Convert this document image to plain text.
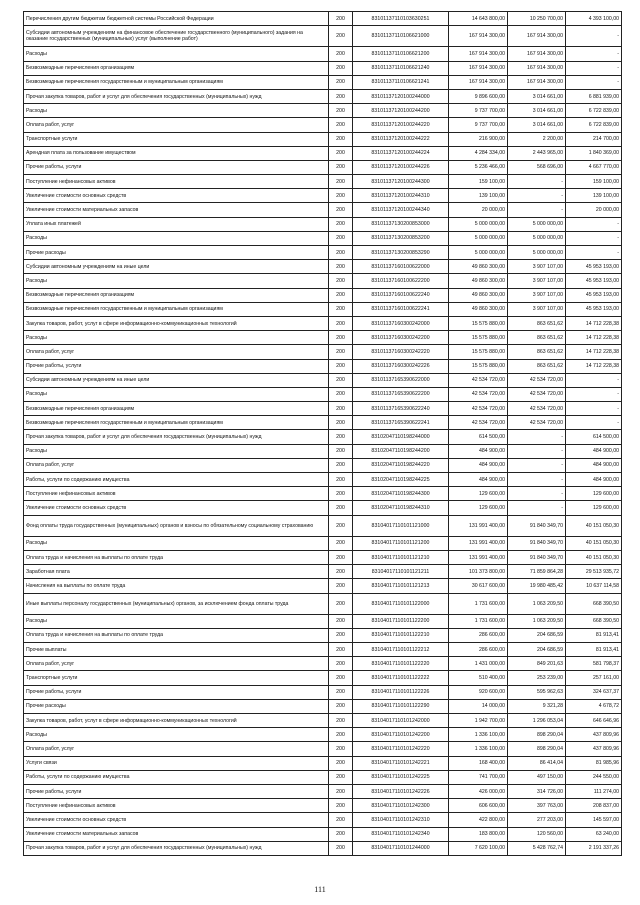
Перечисления другим бюджетам бюджетной системы Российской Федерации	200	83101137110103630251	14 643 800,00	10 250 700,00	4 393 100,00
Субсидии автономным учреждениям на финансовое обеспечение государственного (муниципального) задания на оказание государственных (муниципальных) услуг (выполнение работ)	200	83101137110106621000	167 914 300,00	167 914 300,00	-
Расходы	200	83101137110106621200	167 914 300,00	167 914 300,00	-
Безвозмездные перечисления организациям	200	83101137110106621240	167 914 300,00	167 914 300,00	-
Безвозмездные перечисления государственным и муниципальным организациям	200	83101137110106621241	167 914 300,00	167 914 300,00	-
Прочая закупка товаров, работ и услуг для обеспечения государственных (муниципальных) нужд	200	83101137120100244000	9 896 600,00	3 014 661,00	6 881 939,00
Расходы	200	83101137120100244200	9 737 700,00	3 014 661,00	6 722 839,00
Оплата работ, услуг	200	83101137120100244220	9 737 700,00	3 014 661,00	6 722 839,00
Транспортные услуги	200	83101137120100244222	216 900,00	2 200,00	214 700,00
Арендная плата за пользование имуществом	200	83101137120100244224	4 284 334,00	2 443 965,00	1 840 369,00
Прочие работы, услуги	200	83101137120100244226	5 236 466,00	568 696,00	4 667 770,00
Поступление нефинансовых активов	200	83101137120100244300	159 100,00	-	159 100,00
Увеличение стоимости основных средств	200	83101137120100244310	139 100,00	-	139 100,00
Увеличение стоимости материальных запасов	200	83101137120100244340	20 000,00	-	20 000,00
Уплата иных платежей	200	83101137130200853000	5 000 000,00	5 000 000,00	-
Расходы	200	83101137130200853200	5 000 000,00	5 000 000,00	-
Прочие расходы	200	83101137130200853290	5 000 000,00	5 000 000,00	-
Субсидии автономным учреждениям на иные цели	200	83101137160100622000	49 860 300,00	3 907 107,00	45 953 193,00
Расходы	200	83101137160100622200	49 860 300,00	3 907 107,00	45 953 193,00
Безвозмездные перечисления организациям	200	83101137160100622240	49 860 300,00	3 907 107,00	45 953 193,00
Безвозмездные перечисления государственным и муниципальным организациям	200	83101137160100622241	49 860 300,00	3 907 107,00	45 953 193,00
Закупка товаров, работ, услуг в сфере информационно-коммуникационных технологий	200	83101137160300242000	15 575 880,00	863 651,62	14 712 228,38
Расходы	200	83101137160300242200	15 575 880,00	863 651,62	14 712 228,38
Оплата работ, услуг	200	83101137160300242220	15 575 880,00	863 651,62	14 712 228,38
Прочие работы, услуги	200	83101137160300242226	15 575 880,00	863 651,62	14 712 228,38
Субсидии автономным учреждениям на иные цели	200	83101137165390622000	42 534 720,00	42 534 720,00	-
Расходы	200	83101137165390622200	42 534 720,00	42 534 720,00	-
Безвозмездные перечисления организациям	200	83101137165390622240	42 534 720,00	42 534 720,00	-
Безвозмездные перечисления государственным и муниципальным организациям	200	83101137165390622241	42 534 720,00	42 534 720,00	-
Прочая закупка товаров, работ и услуг для обеспечения государственных (муниципальных) нужд	200	83102047110198244000	614 500,00	-	614 500,00
Расходы	200	83102047110198244200	484 900,00	-	484 900,00
Оплата работ, услуг	200	83102047110198244220	484 900,00	-	484 900,00
Работы, услуги по содержанию имущества	200	83102047110198244225	484 900,00	-	484 900,00
Поступление нефинансовых активов	200	83102047110198244300	129 600,00	-	129 600,00
Увеличение стоимости основных средств	200	83102047110198244310	129 600,00	-	129 600,00
Фонд оплаты труда государственных (муниципальных) органов и взносы по обязательному социальному страхованию	200	83104017110101121000	131 991 400,00	91 840 349,70	40 151 050,30
Расходы	200	83104017110101121200	131 991 400,00	91 840 349,70	40 151 050,30
Оплата труда и начисления на выплаты по оплате труда	200	83104017110101121210	131 991 400,00	91 840 349,70	40 151 050,30
Заработная плата	200	83104017110101121211	101 373 800,00	71 859 864,28	29 513 935,72
Начисления на выплаты по оплате труда	200	83104017110101121213	30 617 600,00	19 980 485,42	10 637 114,58
Иные выплаты персоналу государственных (муниципальных) органов, за исключением фонда оплаты труда	200	83104017110101122000	1 731 600,00	1 063 209,50	668 390,50
Расходы	200	83104017110101122200	1 731 600,00	1 063 209,50	668 390,50
Оплата труда и начисления на выплаты по оплате труда	200	83104017110101122210	286 600,00	204 686,59	81 913,41
Прочие выплаты	200	83104017110101122212	286 600,00	204 686,59	81 913,41
Оплата работ, услуг	200	83104017110101122220	1 431 000,00	849 201,63	581 798,37
Транспортные услуги	200	83104017110101122222	510 400,00	253 239,00	257 161,00
Прочие работы, услуги	200	83104017110101122226	920 600,00	595 962,63	324 637,37
Прочие расходы	200	83104017110101122290	14 000,00	9 321,28	4 678,72
Закупка товаров, работ, услуг в сфере информационно-коммуникационных технологий	200	83104017110101242000	1 942 700,00	1 296 053,04	646 646,96
Расходы	200	83104017110101242200	1 336 100,00	898 290,04	437 809,96
Оплата работ, услуг	200	83104017110101242220	1 336 100,00	898 290,04	437 809,96
Услуги связи	200	83104017110101242221	168 400,00	86 414,04	81 985,96
Работы, услуги по содержанию имущества	200	83104017110101242225	741 700,00	497 150,00	244 550,00
Прочие работы, услуги	200	83104017110101242226	426 000,00	314 726,00	111 274,00
Поступление нефинансовых активов	200	83104017110101242300	606 600,00	397 763,00	208 837,00
Увеличение стоимости основных средств	200	83104017110101242310	422 800,00	277 203,00	145 597,00
Увеличение стоимости материальных запасов	200	83104017110101242340	183 800,00	120 560,00	63 240,00
Прочая закупка товаров, работ и услуг для обеспечения государственных (муниципальных) нужд	200	83104017110101244000	7 620 100,00	5 428 762,74	2 191 337,26
111
